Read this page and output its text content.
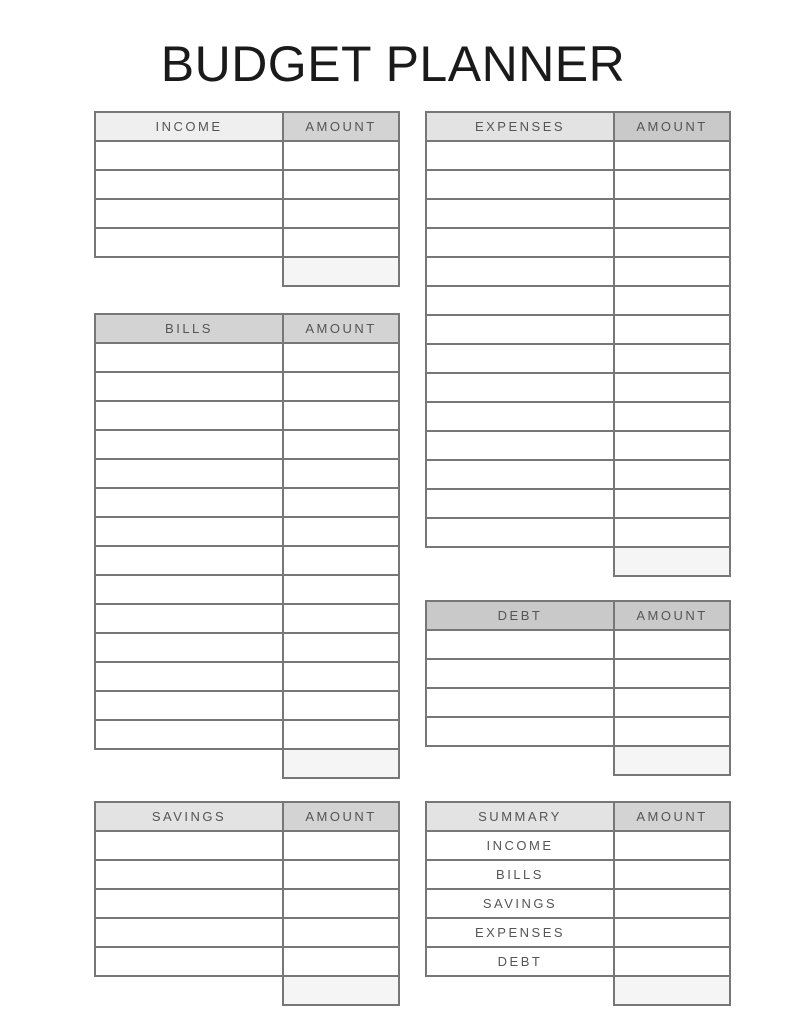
BUDGET PLANNER
INCOME	AMOUNT

BILLS	AMOUNT

SAVINGS	AMOUNT

EXPENSES	AMOUNT

DEBT	AMOUNT

SUMMARY	AMOUNT
INCOME	
BILLS	
SAVINGS	
EXPENSES	
DEBT	
